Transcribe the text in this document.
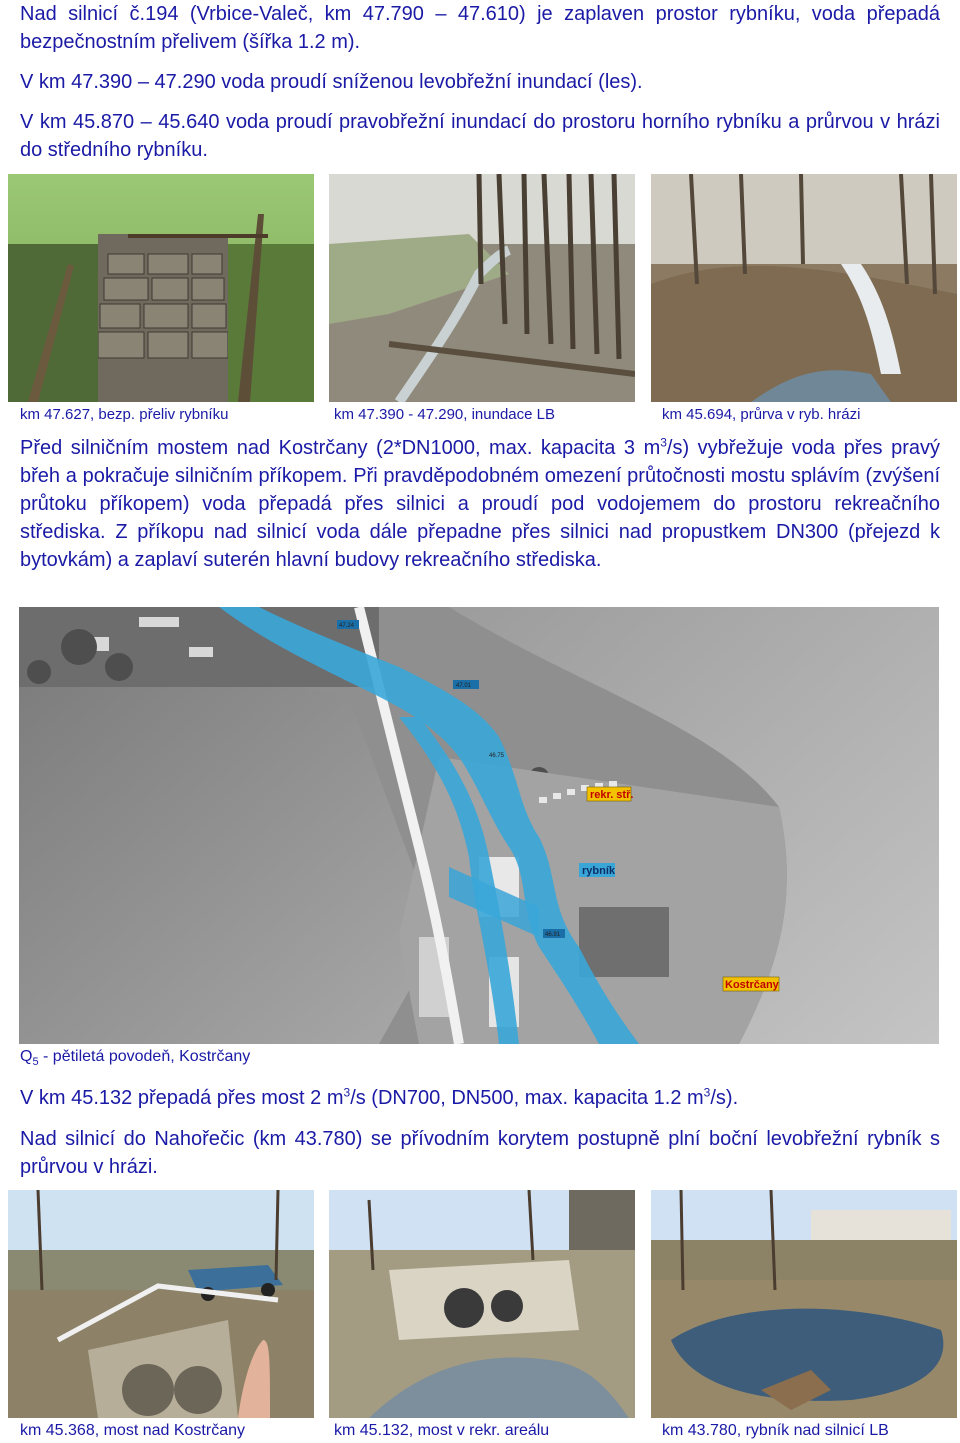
Nad silnicí č.194 (Vrbice-Valeč, km 47.790 – 47.610) je zaplaven prostor rybníku, voda přepadá bezpečnostním přelivem (šířka 1.2 m).
V km 47.390 – 47.290 voda proudí sníženou levobřežní inundací (les).
V km 45.870 – 45.640 voda proudí pravobřežní inundací do prostoru horního rybníku a průrvou v hrázi do středního rybníku.
km 47.627, bezp. přeliv rybníku	km 47.390 - 47.290, inundace LB	km 45.694, průrva v ryb. hrázi
Před silničním mostem nad Kostrčany (2*DN1000, max. kapacita 3 $m^3/s$) vybřežuje voda přes pravý břeh a pokračuje silničním příkopem. Při pravděpodobném omezení průtočnosti mostu splávím (zvýšení průtoku příkopem) voda přepadá přes silnici a proudí pod vodojemem do prostoru rekreačního střediska. Z příkopu nad silnicí voda dále přepadne přes silnici nad propustkem DN300 (přejezd k bytovkám) a zaplaví suterén hlavní budovy rekreačního střediska.
47.24
47.01
46.91
46.75
rekr. stř.
rybník
Kostrčany
$Q_5$ - pětiletá povodeň, Kostrčany
V km 45.132 přepadá přes most 2 $m^3/s$ (DN700, DN500, max. kapacita 1.2 $m^3/s$).
Nad silnicí do Nahořečic (km 43.780) se přívodním korytem postupně plní boční levobřežní rybník s průrvou v hrázi.
km 45.368, most nad Kostrčany	km 45.132, most v rekr. areálu	km 43.780, rybník nad silnicí LB
